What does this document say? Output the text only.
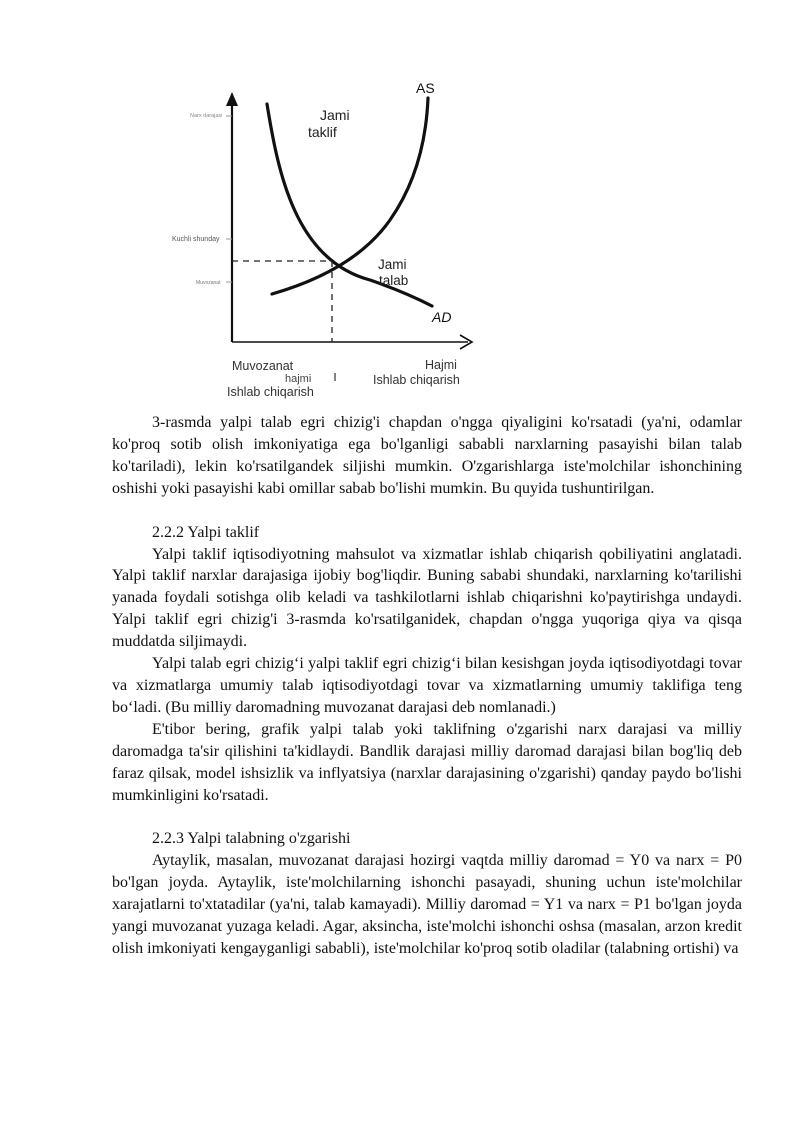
Narx darajasi
Kuchli shunday
Muvozanat
AS
Jami
taklif
Jami
talab
AD
Muvozanat
hajmi
Ishlab chiqarish
Hajmi
Ishlab chiqarish

3-rasmda yalpi talab egri chizig'i chapdan o'ngga qiyaligini ko'rsatadi (ya'ni, odamlar ko'proq sotib olish imkoniyatiga ega bo'lganligi sababli narxlarning pasayishi bilan talab ko'tariladi), lekin ko'rsatilgandek siljishi mumkin. O'zgarishlarga iste'molchilar ishonchining oshishi yoki pasayishi kabi omillar sabab bo'lishi mumkin. Bu quyida tushuntirilgan.

2.2.2 Yalpi taklif

Yalpi taklif iqtisodiyotning mahsulot va xizmatlar ishlab chiqarish qobiliyatini anglatadi. Yalpi taklif narxlar darajasiga ijobiy bog'liqdir. Buning sababi shundaki, narxlarning ko'tarilishi yanada foydali sotishga olib keladi va tashkilotlarni ishlab chiqarishni ko'paytirishga undaydi. Yalpi taklif egri chizig'i 3-rasmda ko'rsatilganidek, chapdan o'ngga yuqoriga qiya va qisqa muddatda siljimaydi.

Yalpi talab egri chizig‘i yalpi taklif egri chizig‘i bilan kesishgan joyda iqtisodiyotdagi tovar va xizmatlarga umumiy talab iqtisodiyotdagi tovar va xizmatlarning umumiy taklifiga teng bo‘ladi. (Bu milliy daromadning muvozanat darajasi deb nomlanadi.)

E'tibor bering, grafik yalpi talab yoki taklifning o'zgarishi narx darajasi va milliy daromadga ta'sir qilishini ta'kidlaydi. Bandlik darajasi milliy daromad darajasi bilan bog'liq deb faraz qilsak, model ishsizlik va inflyatsiya (narxlar darajasining o'zgarishi) qanday paydo bo'lishi mumkinligini ko'rsatadi.

2.2.3 Yalpi talabning o'zgarishi

Aytaylik, masalan, muvozanat darajasi hozirgi vaqtda milliy daromad = Y0 va narx = P0 bo'lgan joyda. Aytaylik, iste'molchilarning ishonchi pasayadi, shuning uchun iste'molchilar xarajatlarni to'xtatadilar (ya'ni, talab kamayadi). Milliy daromad = Y1 va narx = P1 bo'lgan joyda yangi muvozanat yuzaga keladi. Agar, aksincha, iste'molchi ishonchi oshsa (masalan, arzon kredit olish imkoniyati kengayganligi sababli), iste'molchilar ko'proq sotib oladilar (talabning ortishi) va
